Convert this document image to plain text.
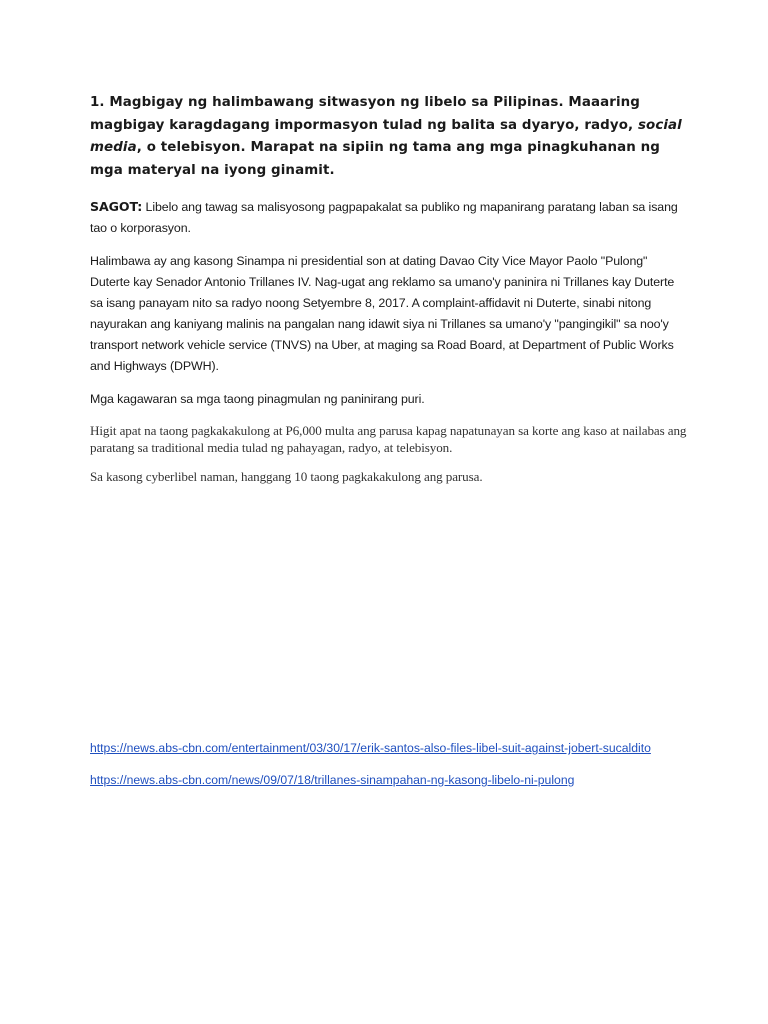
1. Magbigay ng halimbawang sitwasyon ng libelo sa Pilipinas. Maaaring magbigay karagdagang impormasyon tulad ng balita sa dyaryo, radyo, social media, o telebisyon. Marapat na sipiin ng tama ang mga pinagkuhanan ng mga materyal na iyong ginamit.

SAGOT: Libelo ang tawag sa malisyosong pagpapakalat sa publiko ng mapanirang paratang laban sa isang tao o korporasyon.

Halimbawa ay ang kasong Sinampa ni presidential son at dating Davao City Vice Mayor Paolo "Pulong" Duterte kay Senador Antonio Trillanes IV. Nag-ugat ang reklamo sa umano'y paninira ni Trillanes kay Duterte sa isang panayam nito sa radyo noong Setyembre 8, 2017. A complaint-affidavit ni Duterte, sinabi nitong nayurakan ang kaniyang malinis na pangalan nang idawit siya ni Trillanes sa umano'y "pangingikil" sa noo'y transport network vehicle service (TNVS) na Uber, at maging sa Road Board, at Department of Public Works and Highways (DPWH).

Mga kagawaran sa mga taong pinagmulan ng paninirang puri.

Higit apat na taong pagkakakulong at P6,000 multa ang parusa kapag napatunayan sa korte ang kaso at nailabas ang paratang sa traditional media tulad ng pahayagan, radyo, at telebisyon.

Sa kasong cyberlibel naman, hanggang 10 taong pagkakakulong ang parusa.

https://news.abs-cbn.com/entertainment/03/30/17/erik-santos-also-files-libel-suit-against-jobert-sucaldito
https://news.abs-cbn.com/news/09/07/18/trillanes-sinampahan-ng-kasong-libelo-ni-pulong
